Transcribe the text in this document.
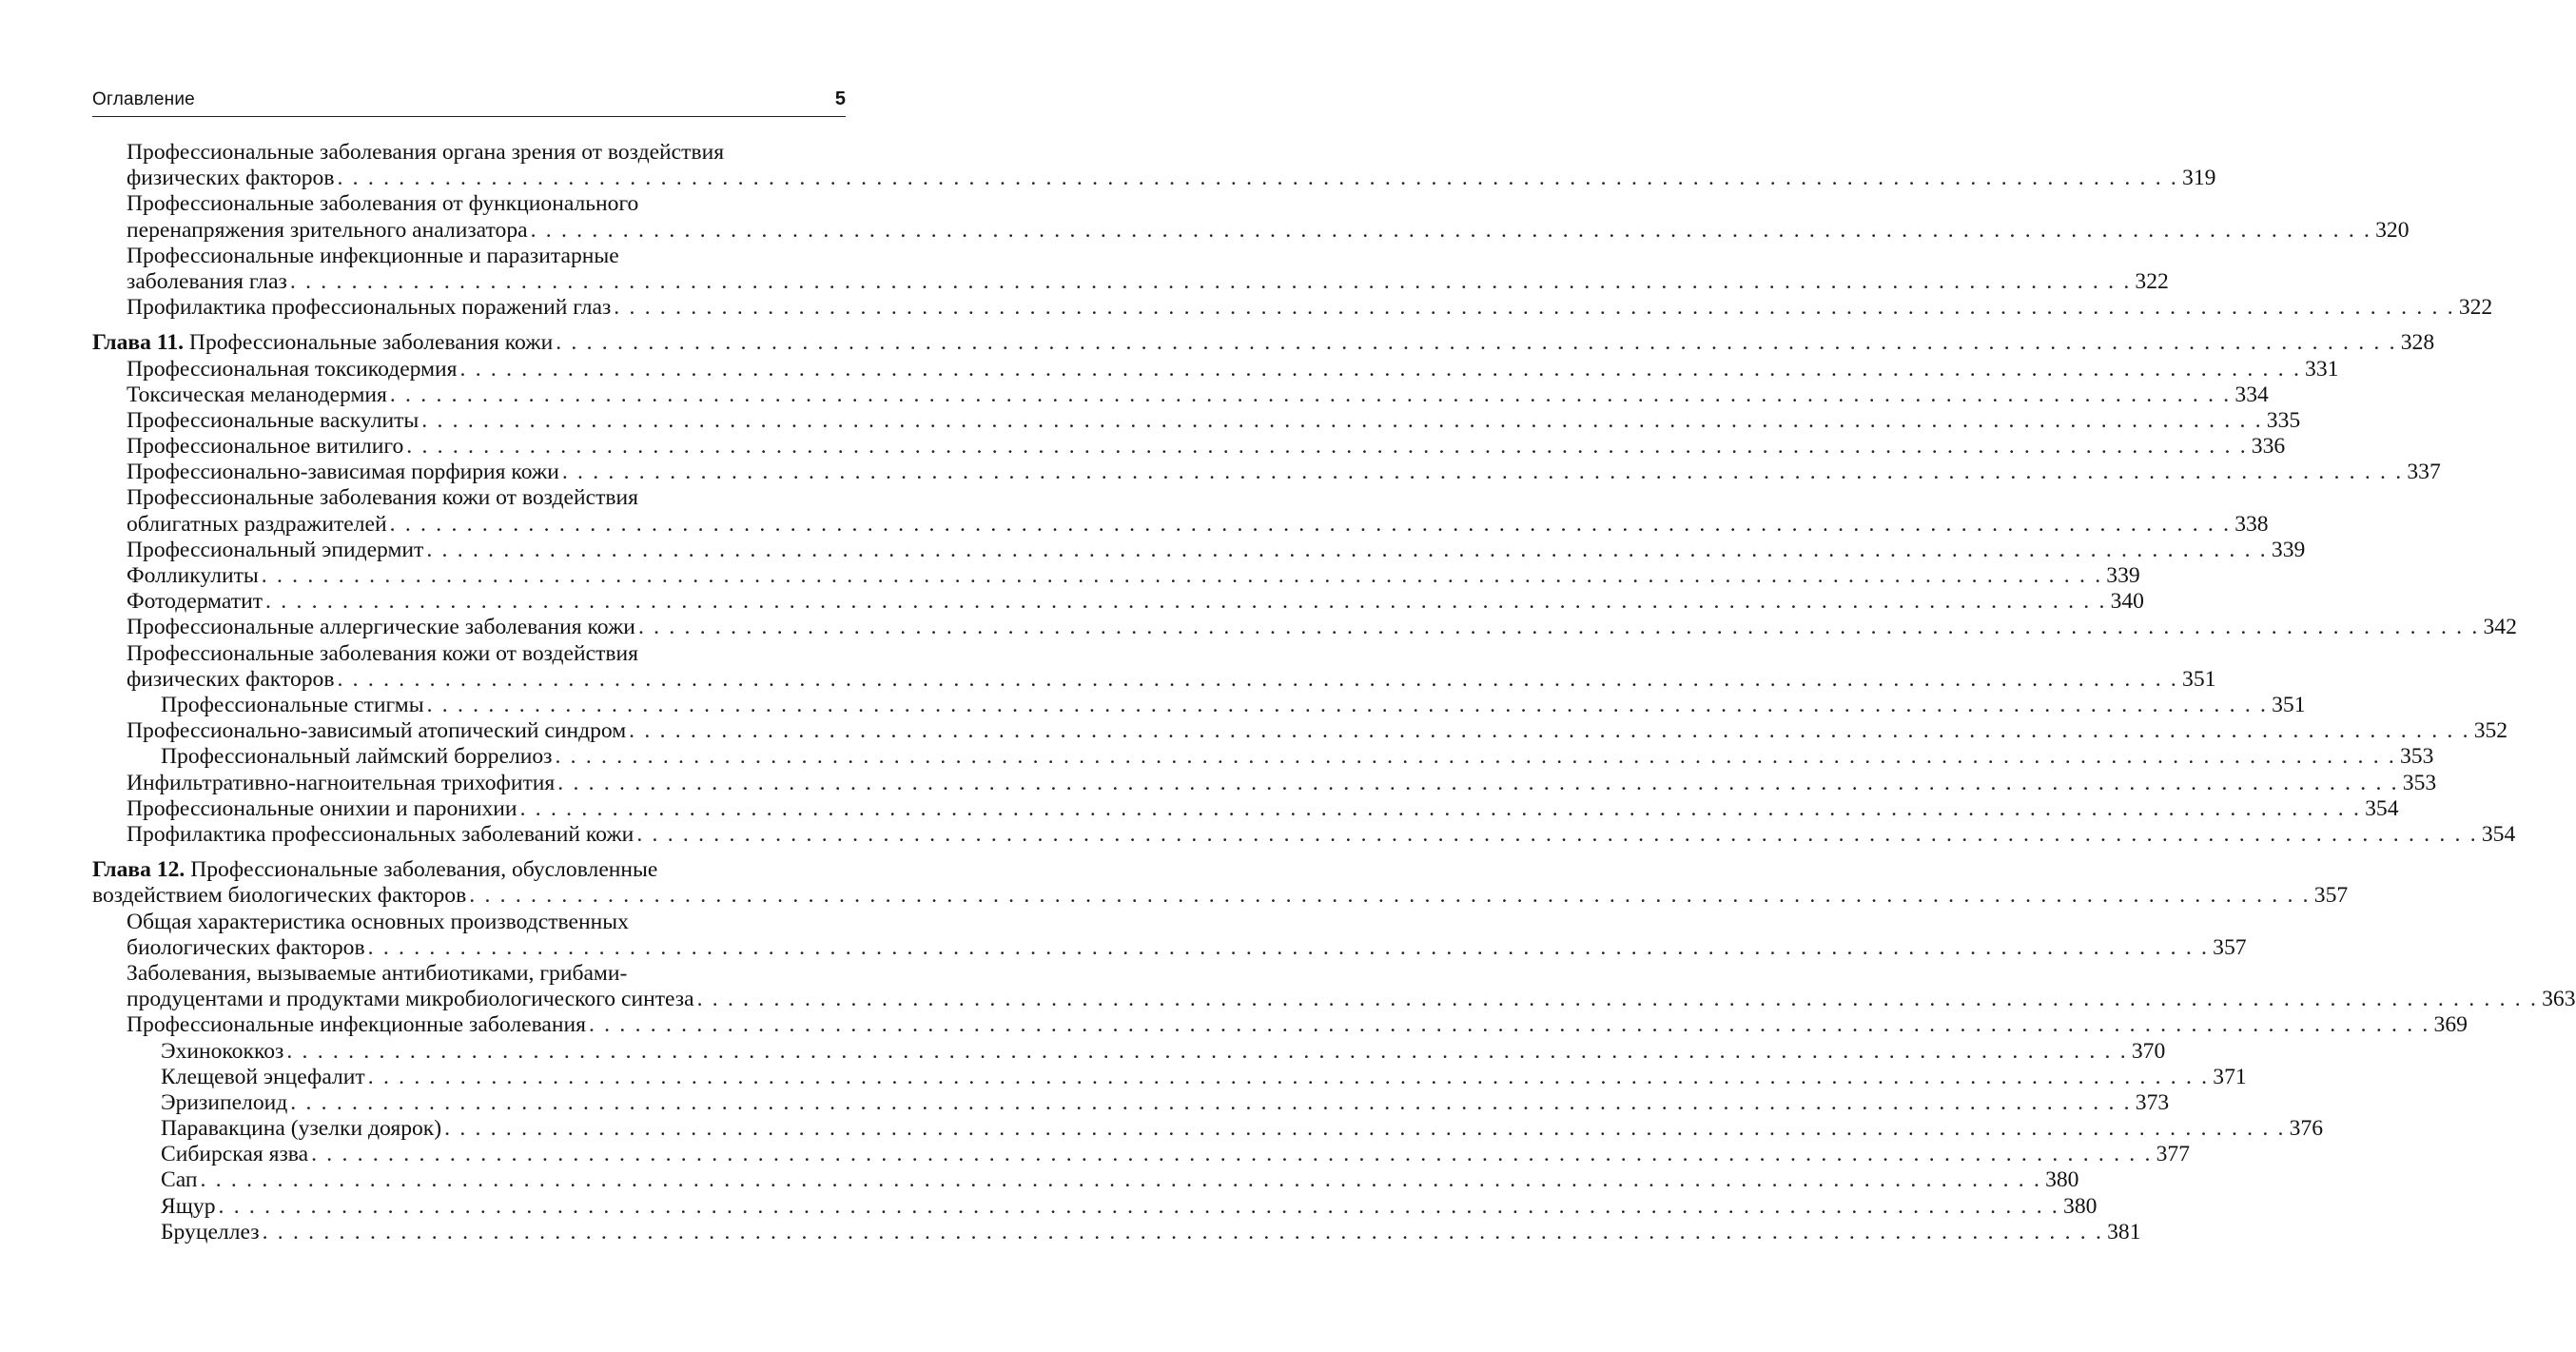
Оглавление	5
Профессиональные заболевания органа зрения от воздействия
физических факторов . . . . . . . . . . . . . . . . . . . . . . . . . . . . . . . . . . . . . . . . . . . . . . . . . . . . . . . . . . . . . . . . . . . . . . . . . . . . . . . . . . . . . . . . . . . . . . . . . . . . . . . . . . . . . . . . . . . . . . . . 319
Профессиональные заболевания от функционального
перенапряжения зрительного анализатора . . . . . . . . . . . . . . . . . . . . . . . . . . . . . . . . . . . . . . . . . . . . . . . . . . . . . . . . . . . . . . . . . . . . . . . . . . . . . . . . . . . . . . . . . . . . . . . . . . . . . . . . . . . . . . . . . . . . . . . . 320
Профессиональные инфекционные и паразитарные
заболевания глаз . . . . . . . . . . . . . . . . . . . . . . . . . . . . . . . . . . . . . . . . . . . . . . . . . . . . . . . . . . . . . . . . . . . . . . . . . . . . . . . . . . . . . . . . . . . . . . . . . . . . . . . . . . . . . . . . . . . . . . . . 322
Профилактика профессиональных поражений глаз . . . . . . . . . . . . . . . . . . . . . . . . . . . . . . . . . . . . . . . . . . . . . . . . . . . . . . . . . . . . . . . . . . . . . . . . . . . . . . . . . . . . . . . . . . . . . . . . . . . . . . . . . . . . . . . . . . . . . . . . 322
Глава 11. Профессиональные заболевания кожи . . . . . . . . . . . . . . . . . . . . . . . . . . . . . . . . . . . . . . . . . . . . . . . . . . . . . . . . . . . . . . . . . . . . . . . . . . . . . . . . . . . . . . . . . . . . . . . . . . . . . . . . . . . . . . . . . . . . . . . . 328
Профессиональная токсикодермия . . . . . . . . . . . . . . . . . . . . . . . . . . . . . . . . . . . . . . . . . . . . . . . . . . . . . . . . . . . . . . . . . . . . . . . . . . . . . . . . . . . . . . . . . . . . . . . . . . . . . . . . . . . . . . . . . . . . . . . . 331
Токсическая меланодермия . . . . . . . . . . . . . . . . . . . . . . . . . . . . . . . . . . . . . . . . . . . . . . . . . . . . . . . . . . . . . . . . . . . . . . . . . . . . . . . . . . . . . . . . . . . . . . . . . . . . . . . . . . . . . . . . . . . . . . . . 334
Профессиональные васкулиты . . . . . . . . . . . . . . . . . . . . . . . . . . . . . . . . . . . . . . . . . . . . . . . . . . . . . . . . . . . . . . . . . . . . . . . . . . . . . . . . . . . . . . . . . . . . . . . . . . . . . . . . . . . . . . . . . . . . . . . . 335
Профессиональное витилиго . . . . . . . . . . . . . . . . . . . . . . . . . . . . . . . . . . . . . . . . . . . . . . . . . . . . . . . . . . . . . . . . . . . . . . . . . . . . . . . . . . . . . . . . . . . . . . . . . . . . . . . . . . . . . . . . . . . . . . . . 336
Профессионально-зависимая порфирия кожи . . . . . . . . . . . . . . . . . . . . . . . . . . . . . . . . . . . . . . . . . . . . . . . . . . . . . . . . . . . . . . . . . . . . . . . . . . . . . . . . . . . . . . . . . . . . . . . . . . . . . . . . . . . . . . . . . . . . . . . . 337
Профессиональные заболевания кожи от воздействия
облигатных раздражителей . . . . . . . . . . . . . . . . . . . . . . . . . . . . . . . . . . . . . . . . . . . . . . . . . . . . . . . . . . . . . . . . . . . . . . . . . . . . . . . . . . . . . . . . . . . . . . . . . . . . . . . . . . . . . . . . . . . . . . . . 338
Профессиональный эпидермит . . . . . . . . . . . . . . . . . . . . . . . . . . . . . . . . . . . . . . . . . . . . . . . . . . . . . . . . . . . . . . . . . . . . . . . . . . . . . . . . . . . . . . . . . . . . . . . . . . . . . . . . . . . . . . . . . . . . . . . . 339
Фолликулиты . . . . . . . . . . . . . . . . . . . . . . . . . . . . . . . . . . . . . . . . . . . . . . . . . . . . . . . . . . . . . . . . . . . . . . . . . . . . . . . . . . . . . . . . . . . . . . . . . . . . . . . . . . . . . . . . . . . . . . . . 339
Фотодерматит . . . . . . . . . . . . . . . . . . . . . . . . . . . . . . . . . . . . . . . . . . . . . . . . . . . . . . . . . . . . . . . . . . . . . . . . . . . . . . . . . . . . . . . . . . . . . . . . . . . . . . . . . . . . . . . . . . . . . . . . 340
Профессиональные аллергические заболевания кожи . . . . . . . . . . . . . . . . . . . . . . . . . . . . . . . . . . . . . . . . . . . . . . . . . . . . . . . . . . . . . . . . . . . . . . . . . . . . . . . . . . . . . . . . . . . . . . . . . . . . . . . . . . . . . . . . . . . . . . . . 342
Профессиональные заболевания кожи от воздействия
физических факторов . . . . . . . . . . . . . . . . . . . . . . . . . . . . . . . . . . . . . . . . . . . . . . . . . . . . . . . . . . . . . . . . . . . . . . . . . . . . . . . . . . . . . . . . . . . . . . . . . . . . . . . . . . . . . . . . . . . . . . . . 351
Профессиональные стигмы . . . . . . . . . . . . . . . . . . . . . . . . . . . . . . . . . . . . . . . . . . . . . . . . . . . . . . . . . . . . . . . . . . . . . . . . . . . . . . . . . . . . . . . . . . . . . . . . . . . . . . . . . . . . . . . . . . . . . . . . 351
Профессионально-зависимый атопический синдром . . . . . . . . . . . . . . . . . . . . . . . . . . . . . . . . . . . . . . . . . . . . . . . . . . . . . . . . . . . . . . . . . . . . . . . . . . . . . . . . . . . . . . . . . . . . . . . . . . . . . . . . . . . . . . . . . . . . . . . . 352
Профессиональный лаймский боррелиоз . . . . . . . . . . . . . . . . . . . . . . . . . . . . . . . . . . . . . . . . . . . . . . . . . . . . . . . . . . . . . . . . . . . . . . . . . . . . . . . . . . . . . . . . . . . . . . . . . . . . . . . . . . . . . . . . . . . . . . . . 353
Инфильтративно-нагноительная трихофития . . . . . . . . . . . . . . . . . . . . . . . . . . . . . . . . . . . . . . . . . . . . . . . . . . . . . . . . . . . . . . . . . . . . . . . . . . . . . . . . . . . . . . . . . . . . . . . . . . . . . . . . . . . . . . . . . . . . . . . . 353
Профессиональные онихии и паронихии . . . . . . . . . . . . . . . . . . . . . . . . . . . . . . . . . . . . . . . . . . . . . . . . . . . . . . . . . . . . . . . . . . . . . . . . . . . . . . . . . . . . . . . . . . . . . . . . . . . . . . . . . . . . . . . . . . . . . . . . 354
Профилактика профессиональных заболеваний кожи . . . . . . . . . . . . . . . . . . . . . . . . . . . . . . . . . . . . . . . . . . . . . . . . . . . . . . . . . . . . . . . . . . . . . . . . . . . . . . . . . . . . . . . . . . . . . . . . . . . . . . . . . . . . . . . . . . . . . . . . 354
Глава 12. Профессиональные заболевания, обусловленные
воздействием биологических факторов . . . . . . . . . . . . . . . . . . . . . . . . . . . . . . . . . . . . . . . . . . . . . . . . . . . . . . . . . . . . . . . . . . . . . . . . . . . . . . . . . . . . . . . . . . . . . . . . . . . . . . . . . . . . . . . . . . . . . . . . 357
Общая характеристика основных производственных
биологических факторов . . . . . . . . . . . . . . . . . . . . . . . . . . . . . . . . . . . . . . . . . . . . . . . . . . . . . . . . . . . . . . . . . . . . . . . . . . . . . . . . . . . . . . . . . . . . . . . . . . . . . . . . . . . . . . . . . . . . . . . . 357
Заболевания, вызываемые антибиотиками, грибами-
продуцентами и продуктами микробиологического синтеза . . . . . . . . . . . . . . . . . . . . . . . . . . . . . . . . . . . . . . . . . . . . . . . . . . . . . . . . . . . . . . . . . . . . . . . . . . . . . . . . . . . . . . . . . . . . . . . . . . . . . . . . . . . . . . . . . . . . . . . . 363
Профессиональные инфекционные заболевания . . . . . . . . . . . . . . . . . . . . . . . . . . . . . . . . . . . . . . . . . . . . . . . . . . . . . . . . . . . . . . . . . . . . . . . . . . . . . . . . . . . . . . . . . . . . . . . . . . . . . . . . . . . . . . . . . . . . . . . . 369
Эхинококкоз . . . . . . . . . . . . . . . . . . . . . . . . . . . . . . . . . . . . . . . . . . . . . . . . . . . . . . . . . . . . . . . . . . . . . . . . . . . . . . . . . . . . . . . . . . . . . . . . . . . . . . . . . . . . . . . . . . . . . . . . 370
Клещевой энцефалит . . . . . . . . . . . . . . . . . . . . . . . . . . . . . . . . . . . . . . . . . . . . . . . . . . . . . . . . . . . . . . . . . . . . . . . . . . . . . . . . . . . . . . . . . . . . . . . . . . . . . . . . . . . . . . . . . . . . . . . . 371
Эризипелоид . . . . . . . . . . . . . . . . . . . . . . . . . . . . . . . . . . . . . . . . . . . . . . . . . . . . . . . . . . . . . . . . . . . . . . . . . . . . . . . . . . . . . . . . . . . . . . . . . . . . . . . . . . . . . . . . . . . . . . . . 373
Паравакцина (узелки доярок) . . . . . . . . . . . . . . . . . . . . . . . . . . . . . . . . . . . . . . . . . . . . . . . . . . . . . . . . . . . . . . . . . . . . . . . . . . . . . . . . . . . . . . . . . . . . . . . . . . . . . . . . . . . . . . . . . . . . . . . . 376
Сибирская язва . . . . . . . . . . . . . . . . . . . . . . . . . . . . . . . . . . . . . . . . . . . . . . . . . . . . . . . . . . . . . . . . . . . . . . . . . . . . . . . . . . . . . . . . . . . . . . . . . . . . . . . . . . . . . . . . . . . . . . . . 377
Сап . . . . . . . . . . . . . . . . . . . . . . . . . . . . . . . . . . . . . . . . . . . . . . . . . . . . . . . . . . . . . . . . . . . . . . . . . . . . . . . . . . . . . . . . . . . . . . . . . . . . . . . . . . . . . . . . . . . . . . . . 380
Ящур . . . . . . . . . . . . . . . . . . . . . . . . . . . . . . . . . . . . . . . . . . . . . . . . . . . . . . . . . . . . . . . . . . . . . . . . . . . . . . . . . . . . . . . . . . . . . . . . . . . . . . . . . . . . . . . . . . . . . . . . 380
Бруцеллез . . . . . . . . . . . . . . . . . . . . . . . . . . . . . . . . . . . . . . . . . . . . . . . . . . . . . . . . . . . . . . . . . . . . . . . . . . . . . . . . . . . . . . . . . . . . . . . . . . . . . . . . . . . . . . . . . . . . . . . . 381
